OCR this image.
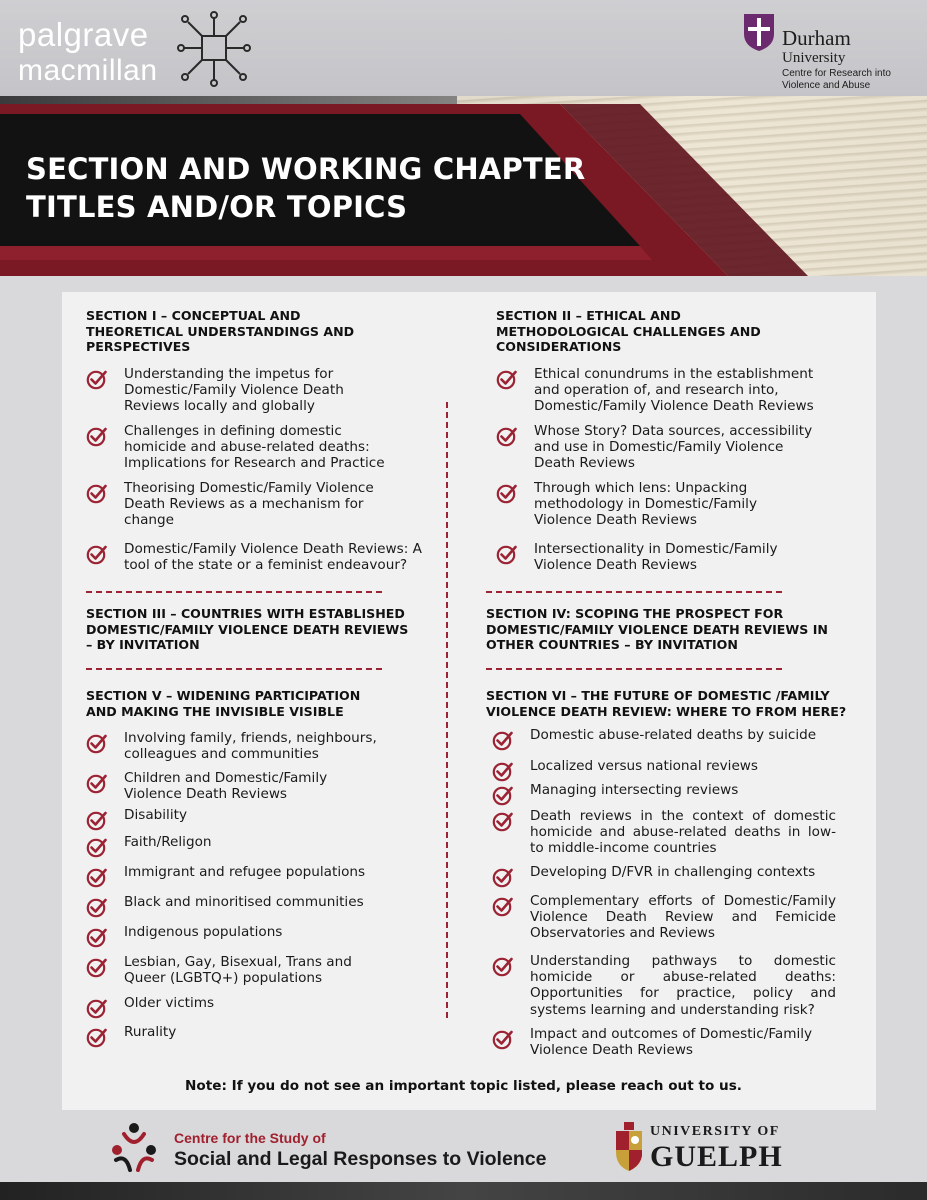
palgrave
macmillan
Durham
University
Centre for Research into Violence and Abuse
SECTION AND WORKING CHAPTER TITLES AND/OR TOPICS
SECTION I – CONCEPTUAL AND THEORETICAL UNDERSTANDINGS AND PERSPECTIVES
Understanding the impetus for Domestic/Family Violence Death Reviews locally and globally
Challenges in defining domestic homicide and abuse-related deaths: Implications for Research and Practice
Theorising Domestic/Family Violence Death Reviews as a mechanism for change
Domestic/Family Violence Death Reviews: A tool of the state or a feminist endeavour?
SECTION II – ETHICAL AND METHODOLOGICAL CHALLENGES AND CONSIDERATIONS
Ethical conundrums in the establishment and operation of, and research into, Domestic/Family Violence Death Reviews
Whose Story? Data sources, accessibility and use in Domestic/Family Violence Death Reviews
Through which lens: Unpacking methodology in Domestic/Family Violence Death Reviews
Intersectionality in Domestic/Family Violence Death Reviews
SECTION III – COUNTRIES WITH ESTABLISHED DOMESTIC/FAMILY VIOLENCE DEATH REVIEWS – BY INVITATION
SECTION IV: SCOPING THE PROSPECT FOR DOMESTIC/FAMILY VIOLENCE DEATH REVIEWS IN OTHER COUNTRIES – BY INVITATION
SECTION V – WIDENING PARTICIPATION AND MAKING THE INVISIBLE VISIBLE
Involving family, friends, neighbours, colleagues and communities
Children and Domestic/Family Violence Death Reviews
Disability
Faith/Religon
Immigrant and refugee populations
Black and minoritised communities
Indigenous populations
Lesbian, Gay, Bisexual, Trans and Queer (LGBTQ+) populations
Older victims
Rurality
SECTION VI – THE FUTURE OF DOMESTIC /FAMILY VIOLENCE DEATH REVIEW: WHERE TO FROM HERE?
Domestic abuse-related deaths by suicide
Localized versus national reviews
Managing intersecting reviews
Death reviews in the context of domestic homicide and abuse-related deaths in low- to middle-income countries
Developing D/FVR in challenging contexts
Complementary efforts of Domestic/Family Violence Death Review and Femicide Observatories and Reviews
Understanding pathways to domestic homicide or abuse-related deaths: Opportunities for practice, policy and systems learning and understanding risk?
Impact and outcomes of Domestic/Family Violence Death Reviews
Note: If you do not see an important topic listed, please reach out to us.
Centre for the Study of
Social and Legal Responses to Violence
UNIVERSITY OF
GUELPH
